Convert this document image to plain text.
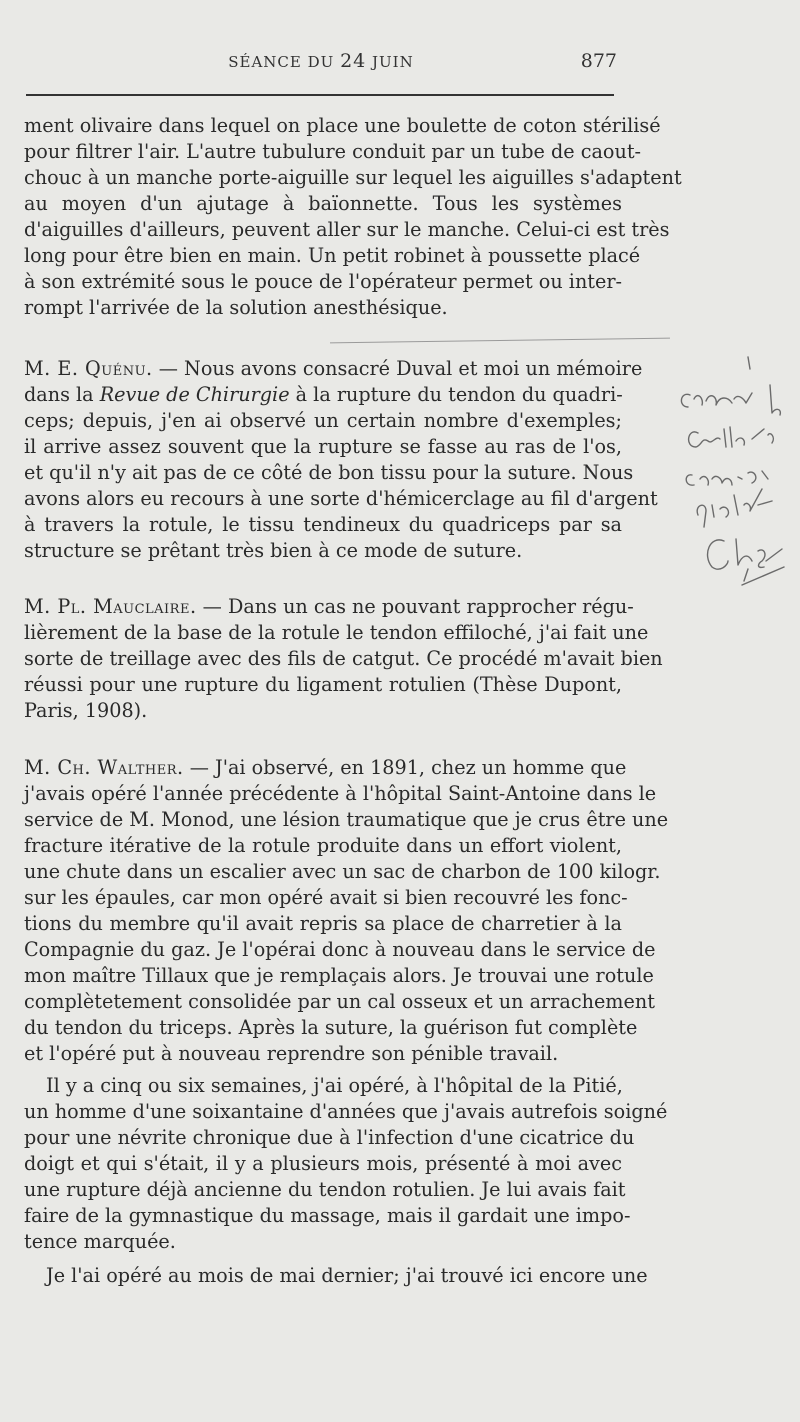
SÉANCE DU 24 JUIN	877
ment olivaire dans lequel on place une boulette de coton stérilisé
pour filtrer l'air. L'autre tubulure conduit par un tube de caout-
chouc à un manche porte-aiguille sur lequel les aiguilles s'adaptent
au moyen d'un ajutage à baïonnette. Tous les systèmes
d'aiguilles d'ailleurs, peuvent aller sur le manche. Celui-ci est très
long pour être bien en main. Un petit robinet à poussette placé
à son extrémité sous le pouce de l'opérateur permet ou inter-
rompt l'arrivée de la solution anesthésique.
M. E. Quénu. — Nous avons consacré Duval et moi un mémoire
dans la Revue de Chirurgie à la rupture du tendon du quadri-
ceps; depuis, j'en ai observé un certain nombre d'exemples;
il arrive assez souvent que la rupture se fasse au ras de l'os,
et qu'il n'y ait pas de ce côté de bon tissu pour la suture. Nous
avons alors eu recours à une sorte d'hémicerclage au fil d'argent
à travers la rotule, le tissu tendineux du quadriceps par sa
structure se prêtant très bien à ce mode de suture.
M. Pl. Mauclaire. — Dans un cas ne pouvant rapprocher régu-
lièrement de la base de la rotule le tendon effiloché, j'ai fait une
sorte de treillage avec des fils de catgut. Ce procédé m'avait bien
réussi pour une rupture du ligament rotulien (Thèse Dupont,
Paris, 1908).
M. Ch. Walther. — J'ai observé, en 1891, chez un homme que
j'avais opéré l'année précédente à l'hôpital Saint-Antoine dans le
service de M. Monod, une lésion traumatique que je crus être une
fracture itérative de la rotule produite dans un effort violent,
une chute dans un escalier avec un sac de charbon de 100 kilogr.
sur les épaules, car mon opéré avait si bien recouvré les fonc-
tions du membre qu'il avait repris sa place de charretier à la
Compagnie du gaz. Je l'opérai donc à nouveau dans le service de
mon maître Tillaux que je remplaçais alors. Je trouvai une rotule
complètetement consolidée par un cal osseux et un arrachement
du tendon du triceps. Après la suture, la guérison fut complète
et l'opéré put à nouveau reprendre son pénible travail.
Il y a cinq ou six semaines, j'ai opéré, à l'hôpital de la Pitié,
un homme d'une soixantaine d'années que j'avais autrefois soigné
pour une névrite chronique due à l'infection d'une cicatrice du
doigt et qui s'était, il y a plusieurs mois, présenté à moi avec
une rupture déjà ancienne du tendon rotulien. Je lui avais fait
faire de la gymnastique du massage, mais il gardait une impo-
tence marquée.
Je l'ai opéré au mois de mai dernier; j'ai trouvé ici encore une
